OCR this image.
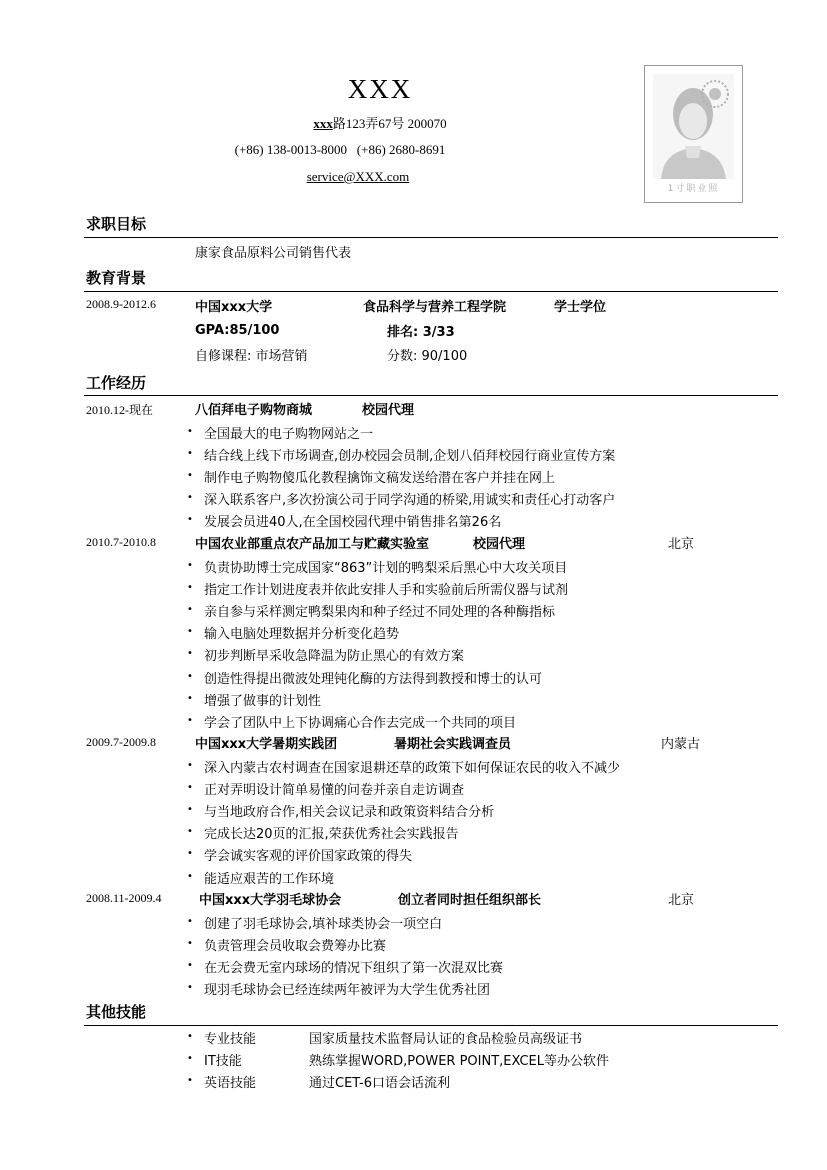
XXX
xxx路123弄67号 200070
(+86) 138-0013-8000   (+86) 2680-8691
service@XXX.com
1寸职业照
求职目标
康家食品原料公司销售代表
教育背景
2008.9-2012.6	中国xxx大学	食品科学与营养工程学院	学士学位
GPA:85/100	排名: 3/33
自修课程: 市场营销	分数: 90/100
工作经历
2010.12-现在	八佰拜电子购物商城	校园代理
• 全国最大的电子购物网站之一
• 结合线上线下市场调查,创办校园会员制,企划八佰拜校园行商业宣传方案
• 制作电子购物傻瓜化教程擒饰文稿发送给潜在客户并挂在网上
• 深入联系客户,多次扮演公司于同学沟通的桥梁,用诚实和责任心打动客户
• 发展会员进40人,在全国校园代理中销售排名第26名
2010.7-2010.8	中国农业部重点农产品加工与贮藏实验室	校园代理	北京
• 负责协助博士完成国家“863”计划的鸭梨采后黑心中大攻关项目
• 指定工作计划进度表并依此安排人手和实验前后所需仪器与试剂
• 亲自参与采样测定鸭梨果肉和种子经过不同处理的各种酶指标
• 输入电脑处理数据并分析变化趋势
• 初步判断早采收急降温为防止黑心的有效方案
• 创造性得提出微波处理钝化酶的方法得到教授和博士的认可
• 增强了做事的计划性
• 学会了团队中上下协调痛心合作去完成一个共同的项目
2009.7-2009.8	中国xxx大学暑期实践团	暑期社会实践调查员	内蒙古
• 深入内蒙古农村调查在国家退耕还草的政策下如何保证农民的收入不减少
• 正对弄明设计简单易懂的问卷并亲自走访调查
• 与当地政府合作,相关会议记录和政策资料结合分析
• 完成长达20页的汇报,荣获优秀社会实践报告
• 学会诚实客观的评价国家政策的得失
• 能适应艰苦的工作环境
2008.11-2009.4	中国xxx大学羽毛球协会	创立者同时担任组织部长	北京
• 创建了羽毛球协会,填补球类协会一项空白
• 负责管理会员收取会费筹办比赛
• 在无会费无室内球场的情况下组织了第一次混双比赛
• 现羽毛球协会已经连续两年被评为大学生优秀社团
其他技能
• 专业技能	国家质量技术监督局认证的食品检验员高级证书
• IT技能	熟练掌握WORD,POWER POINT,EXCEL等办公软件
• 英语技能	通过CET-6口语会话流利
